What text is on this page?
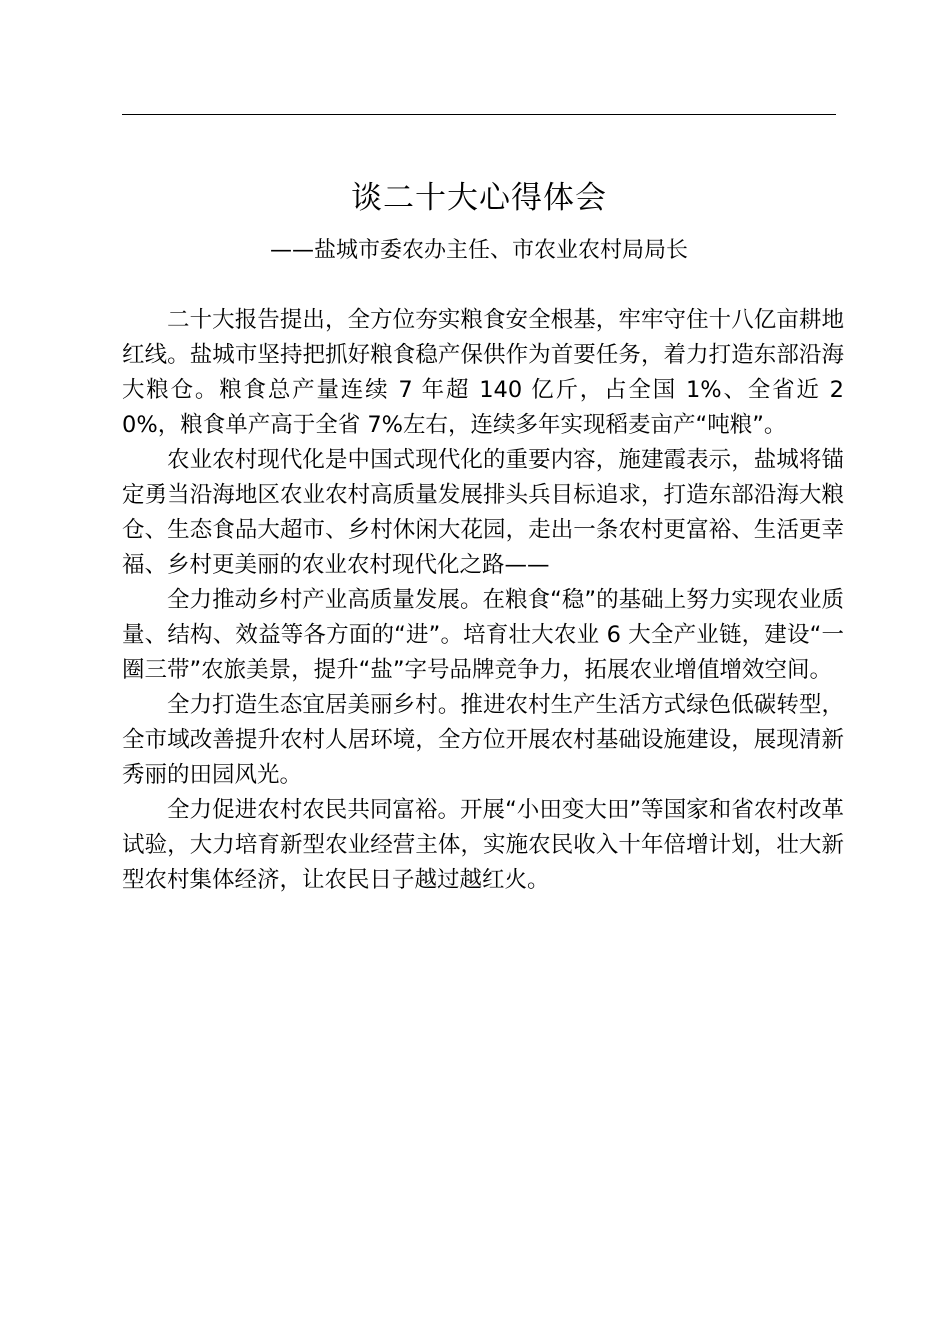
谈二十大心得体会
——盐城市委农办主任、市农业农村局局长

二十大报告提出，全方位夯实粮食安全根基，牢牢守住十八亿亩耕地红线。盐城市坚持把抓好粮食稳产保供作为首要任务，着力打造东部沿海大粮仓。粮食总产量连续 7 年超 140 亿斤，占全国 1%、全省近 20%，粮食单产高于全省 7%左右，连续多年实现稻麦亩产“吨粮”。

农业农村现代化是中国式现代化的重要内容，施建霞表示，盐城将锚定勇当沿海地区农业农村高质量发展排头兵目标追求，打造东部沿海大粮仓、生态食品大超市、乡村休闲大花园，走出一条农村更富裕、生活更幸福、乡村更美丽的农业农村现代化之路——

全力推动乡村产业高质量发展。在粮食“稳”的基础上努力实现农业质量、结构、效益等各方面的“进”。培育壮大农业 6 大全产业链，建设“一圈三带”农旅美景，提升“盐”字号品牌竞争力，拓展农业增值增效空间。

全力打造生态宜居美丽乡村。推进农村生产生活方式绿色低碳转型，全市域改善提升农村人居环境，全方位开展农村基础设施建设，展现清新秀丽的田园风光。

全力促进农村农民共同富裕。开展“小田变大田”等国家和省农村改革试验，大力培育新型农业经营主体，实施农民收入十年倍增计划，壮大新型农村集体经济，让农民日子越过越红火。
